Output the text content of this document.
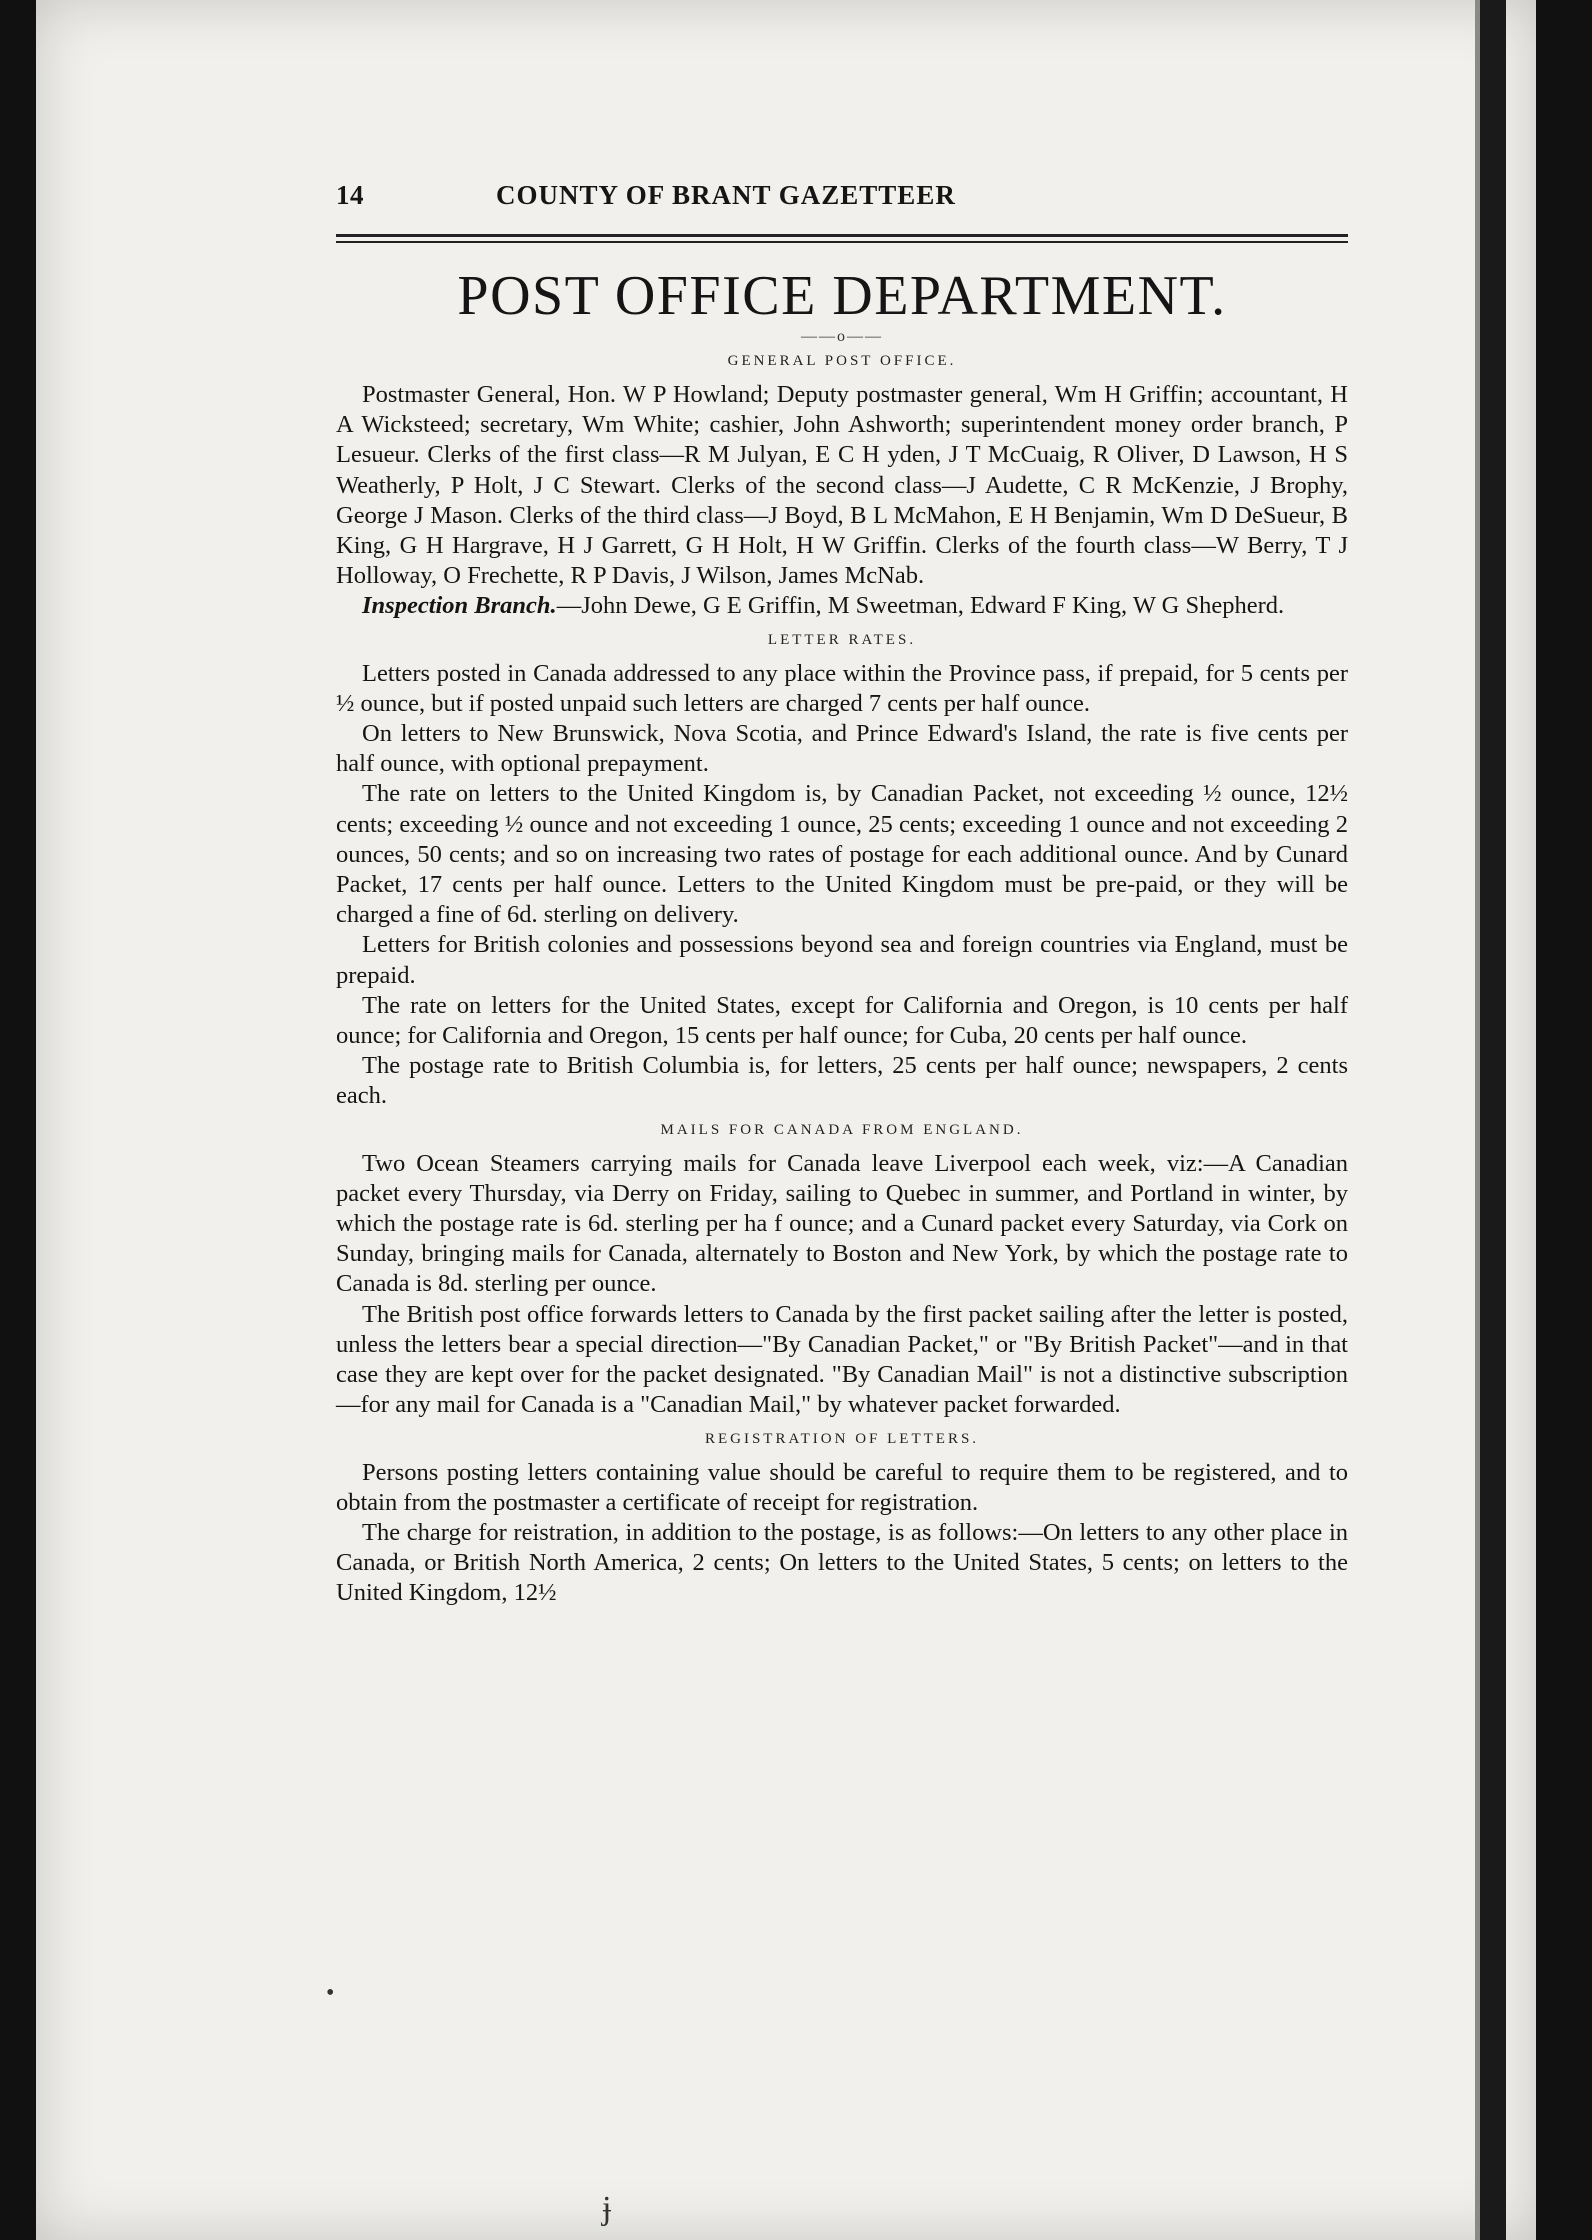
14	COUNTY OF BRANT GAZETTEER
POST OFFICE DEPARTMENT.
——o——
GENERAL POST OFFICE.

Postmaster General, Hon. W P Howland; Deputy postmaster general, Wm H Griffin; accountant, H A Wicksteed; secretary, Wm White; cashier, John Ashworth; superintendent money order branch, P Lesueur. Clerks of the first class—R M Julyan, E C H yden, J T McCuaig, R Oliver, D Lawson, H S Weatherly, P Holt, J C Stewart. Clerks of the second class—J Audette, C R McKenzie, J Brophy, George J Mason. Clerks of the third class—J Boyd, B L McMahon, E H Benjamin, Wm D DeSueur, B King, G H Hargrave, H J Garrett, G H Holt, H W Griffin. Clerks of the fourth class—W Berry, T J Holloway, O Frechette, R P Davis, J Wilson, James McNab.

Inspection Branch.—John Dewe, G E Griffin, M Sweetman, Edward F King, W G Shepherd.

LETTER RATES.

Letters posted in Canada addressed to any place within the Province pass, if prepaid, for 5 cents per ½ ounce, but if posted unpaid such letters are charged 7 cents per half ounce.

On letters to New Brunswick, Nova Scotia, and Prince Edward's Island, the rate is five cents per half ounce, with optional prepayment.

The rate on letters to the United Kingdom is, by Canadian Packet, not exceeding ½ ounce, 12½ cents; exceeding ½ ounce and not exceeding 1 ounce, 25 cents; exceeding 1 ounce and not exceeding 2 ounces, 50 cents; and so on increasing two rates of postage for each additional ounce. And by Cunard Packet, 17 cents per half ounce. Letters to the United Kingdom must be pre-paid, or they will be charged a fine of 6d. sterling on delivery.

Letters for British colonies and possessions beyond sea and foreign countries via England, must be prepaid.

The rate on letters for the United States, except for California and Oregon, is 10 cents per half ounce; for California and Oregon, 15 cents per half ounce; for Cuba, 20 cents per half ounce.

The postage rate to British Columbia is, for letters, 25 cents per half ounce; newspapers, 2 cents each.

MAILS FOR CANADA FROM ENGLAND.

Two Ocean Steamers carrying mails for Canada leave Liverpool each week, viz:—A Canadian packet every Thursday, via Derry on Friday, sailing to Quebec in summer, and Portland in winter, by which the postage rate is 6d. sterling per ha f ounce; and a Cunard packet every Saturday, via Cork on Sunday, bringing mails for Canada, alternately to Boston and New York, by which the postage rate to Canada is 8d. sterling per ounce.

The British post office forwards letters to Canada by the first packet sailing after the letter is posted, unless the letters bear a special direction—"By Canadian Packet," or "By British Packet"—and in that case they are kept over for the packet designated. "By Canadian Mail" is not a distinctive subscription—for any mail for Canada is a "Canadian Mail," by whatever packet forwarded.

REGISTRATION OF LETTERS.

Persons posting letters containing value should be careful to require them to be registered, and to obtain from the postmaster a certificate of receipt for registration.

The charge for reistration, in addition to the postage, is as follows:—On letters to any other place in Canada, or British North America, 2 cents; On letters to the United States, 5 cents; on letters to the United Kingdom, 12½

•
ɉ
